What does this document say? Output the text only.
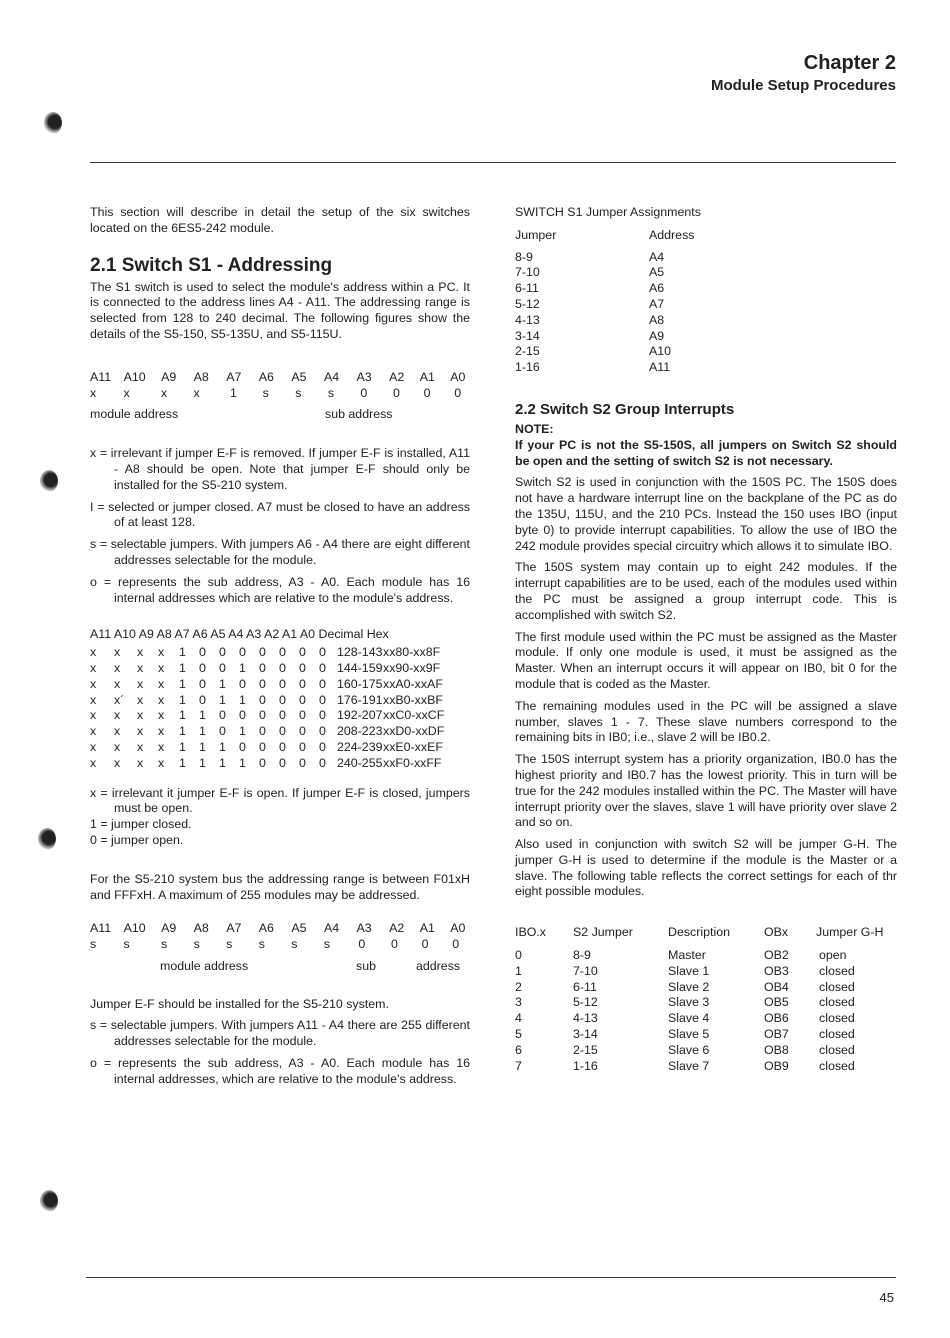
Chapter 2
Module Setup Procedures

This section will describe in detail the setup of the six switches located on the 6ES5-242 module.

2.1 Switch S1 - Addressing

The S1 switch is used to select the module's address within a PC. It is connected to the address lines A4 - A11. The addressing range is selected from 128 to 240 decimal. The following figures show the details of the S5-150, S5-135U, and S5-115U.

A11	A10	A9	A8	A7	A6	A5	A4	A3	A2	A1	A0
x	x	x	x	1	s	s	s	0	0	0	0
module address	sub address

x = irrelevant if jumper E-F is removed. If jumper E-F is installed, A11 - A8 should be open. Note that jumper E-F should only be installed for the S5-210 system.

I = selected or jumper closed. A7 must be closed to have an address of at least 128.

s = selectable jumpers. With jumpers A6 - A4 there are eight different addresses selectable for the module.

o = represents the sub address, A3 - A0. Each module has 16 internal addresses which are relative to the module's address.

A11 A10 A9 A8 A7 A6 A5 A4 A3 A2 A1 A0 Decimal Hex
x	x	x	x	1	0	0	0	0	0	0	0 128-143 xx80-xx8F
x	x	x	x	1	0	0	1	0	0	0	0 144-159 xx90-xx9F
x	x	x	x	1	0	1	0	0	0	0	0 160-175 xxA0-xxAF
x	x´	x	x	1	0	1	1	0	0	0	0 176-191 xxB0-xxBF
x	x	x	x	1	1	0	0	0	0	0	0 192-207 xxC0-xxCF
x	x	x	x	1	1	0	1	0	0	0	0 208-223 xxD0-xxDF
x	x	x	x	1	1	1	0	0	0	0	0 224-239 xxE0-xxEF
x	x	x	x	1	1	1	1	0	0	0	0 240-255 xxF0-xxFF

x = irrelevant it jumper E-F is open. If jumper E-F is closed, jumpers must be open.

1 = jumper closed.

0 = jumper open.

For the S5-210 system bus the addressing range is between F01xH and FFFxH. A maximum of 255 modules may be addressed.

A11	A10	A9	A8	A7	A6	A5	A4	A3	A2	A1	A0
s	s	s	s	s	s	s	s	0	0	0	0
module address	sub	address

Jumper E-F should be installed for the S5-210 system.

s = selectable jumpers. With jumpers A11 - A4 there are 255 different addresses selectable for the module.

o = represents the sub address, A3 - A0. Each module has 16 internal addresses, which are relative to the module's address.

SWITCH S1 Jumper Assignments

Jumper	Address
8-9	A4
7-10	A5
6-11	A6
5-12	A7
4-13	A8
3-14	A9
2-15	A10
1-16	A11
2.2 Switch S2 Group Interrupts

NOTE:

If your PC is not the S5-150S, all jumpers on Switch S2 should be open and the setting of switch S2 is not necessary.

Switch S2 is used in conjunction with the 150S PC. The 150S does not have a hardware interrupt line on the backplane of the PC as do the 135U, 115U, and the 210 PCs. Instead the 150 uses IBO (input byte 0) to provide interrupt capabilities. To allow the use of IBO the 242 module provides special circuitry which allows it to simulate IBO.

The 150S system may contain up to eight 242 modules. If the interrupt capabilities are to be used, each of the modules used within the PC must be assigned a group interrupt code. This is accomplished with switch S2.

The first module used within the PC must be assigned as the Master module. If only one module is used, it must be assigned as the Master. When an interrupt occurs it will appear on IB0, bit 0 for the module that is coded as the Master.

The remaining modules used in the PC will be assigned a slave number, slaves 1 - 7. These slave numbers correspond to the remaining bits in IB0; i.e., slave 2 will be IB0.2.

The 150S interrupt system has a priority organization, IB0.0 has the highest priority and IB0.7 has the lowest priority. This in turn will be true for the 242 modules installed within the PC. The Master will have interrupt priority over the slaves, slave 1 will have priority over slave 2 and so on.

Also used in conjunction with switch S2 will be jumper G-H. The jumper G-H is used to determine if the module is the Master or a slave. The following table reflects the correct settings for each of thr eight possible modules.

IBO.x	S2 Jumper	Description	OBx	Jumper G-H
0	8-9	Master	OB2	open
1	7-10	Slave 1	OB3	closed
2	6-11	Slave 2	OB4	closed
3	5-12	Slave 3	OB5	closed
4	4-13	Slave 4	OB6	closed
5	3-14	Slave 5	OB7	closed
6	2-15	Slave 6	OB8	closed
7	1-16	Slave 7	OB9	closed
45
